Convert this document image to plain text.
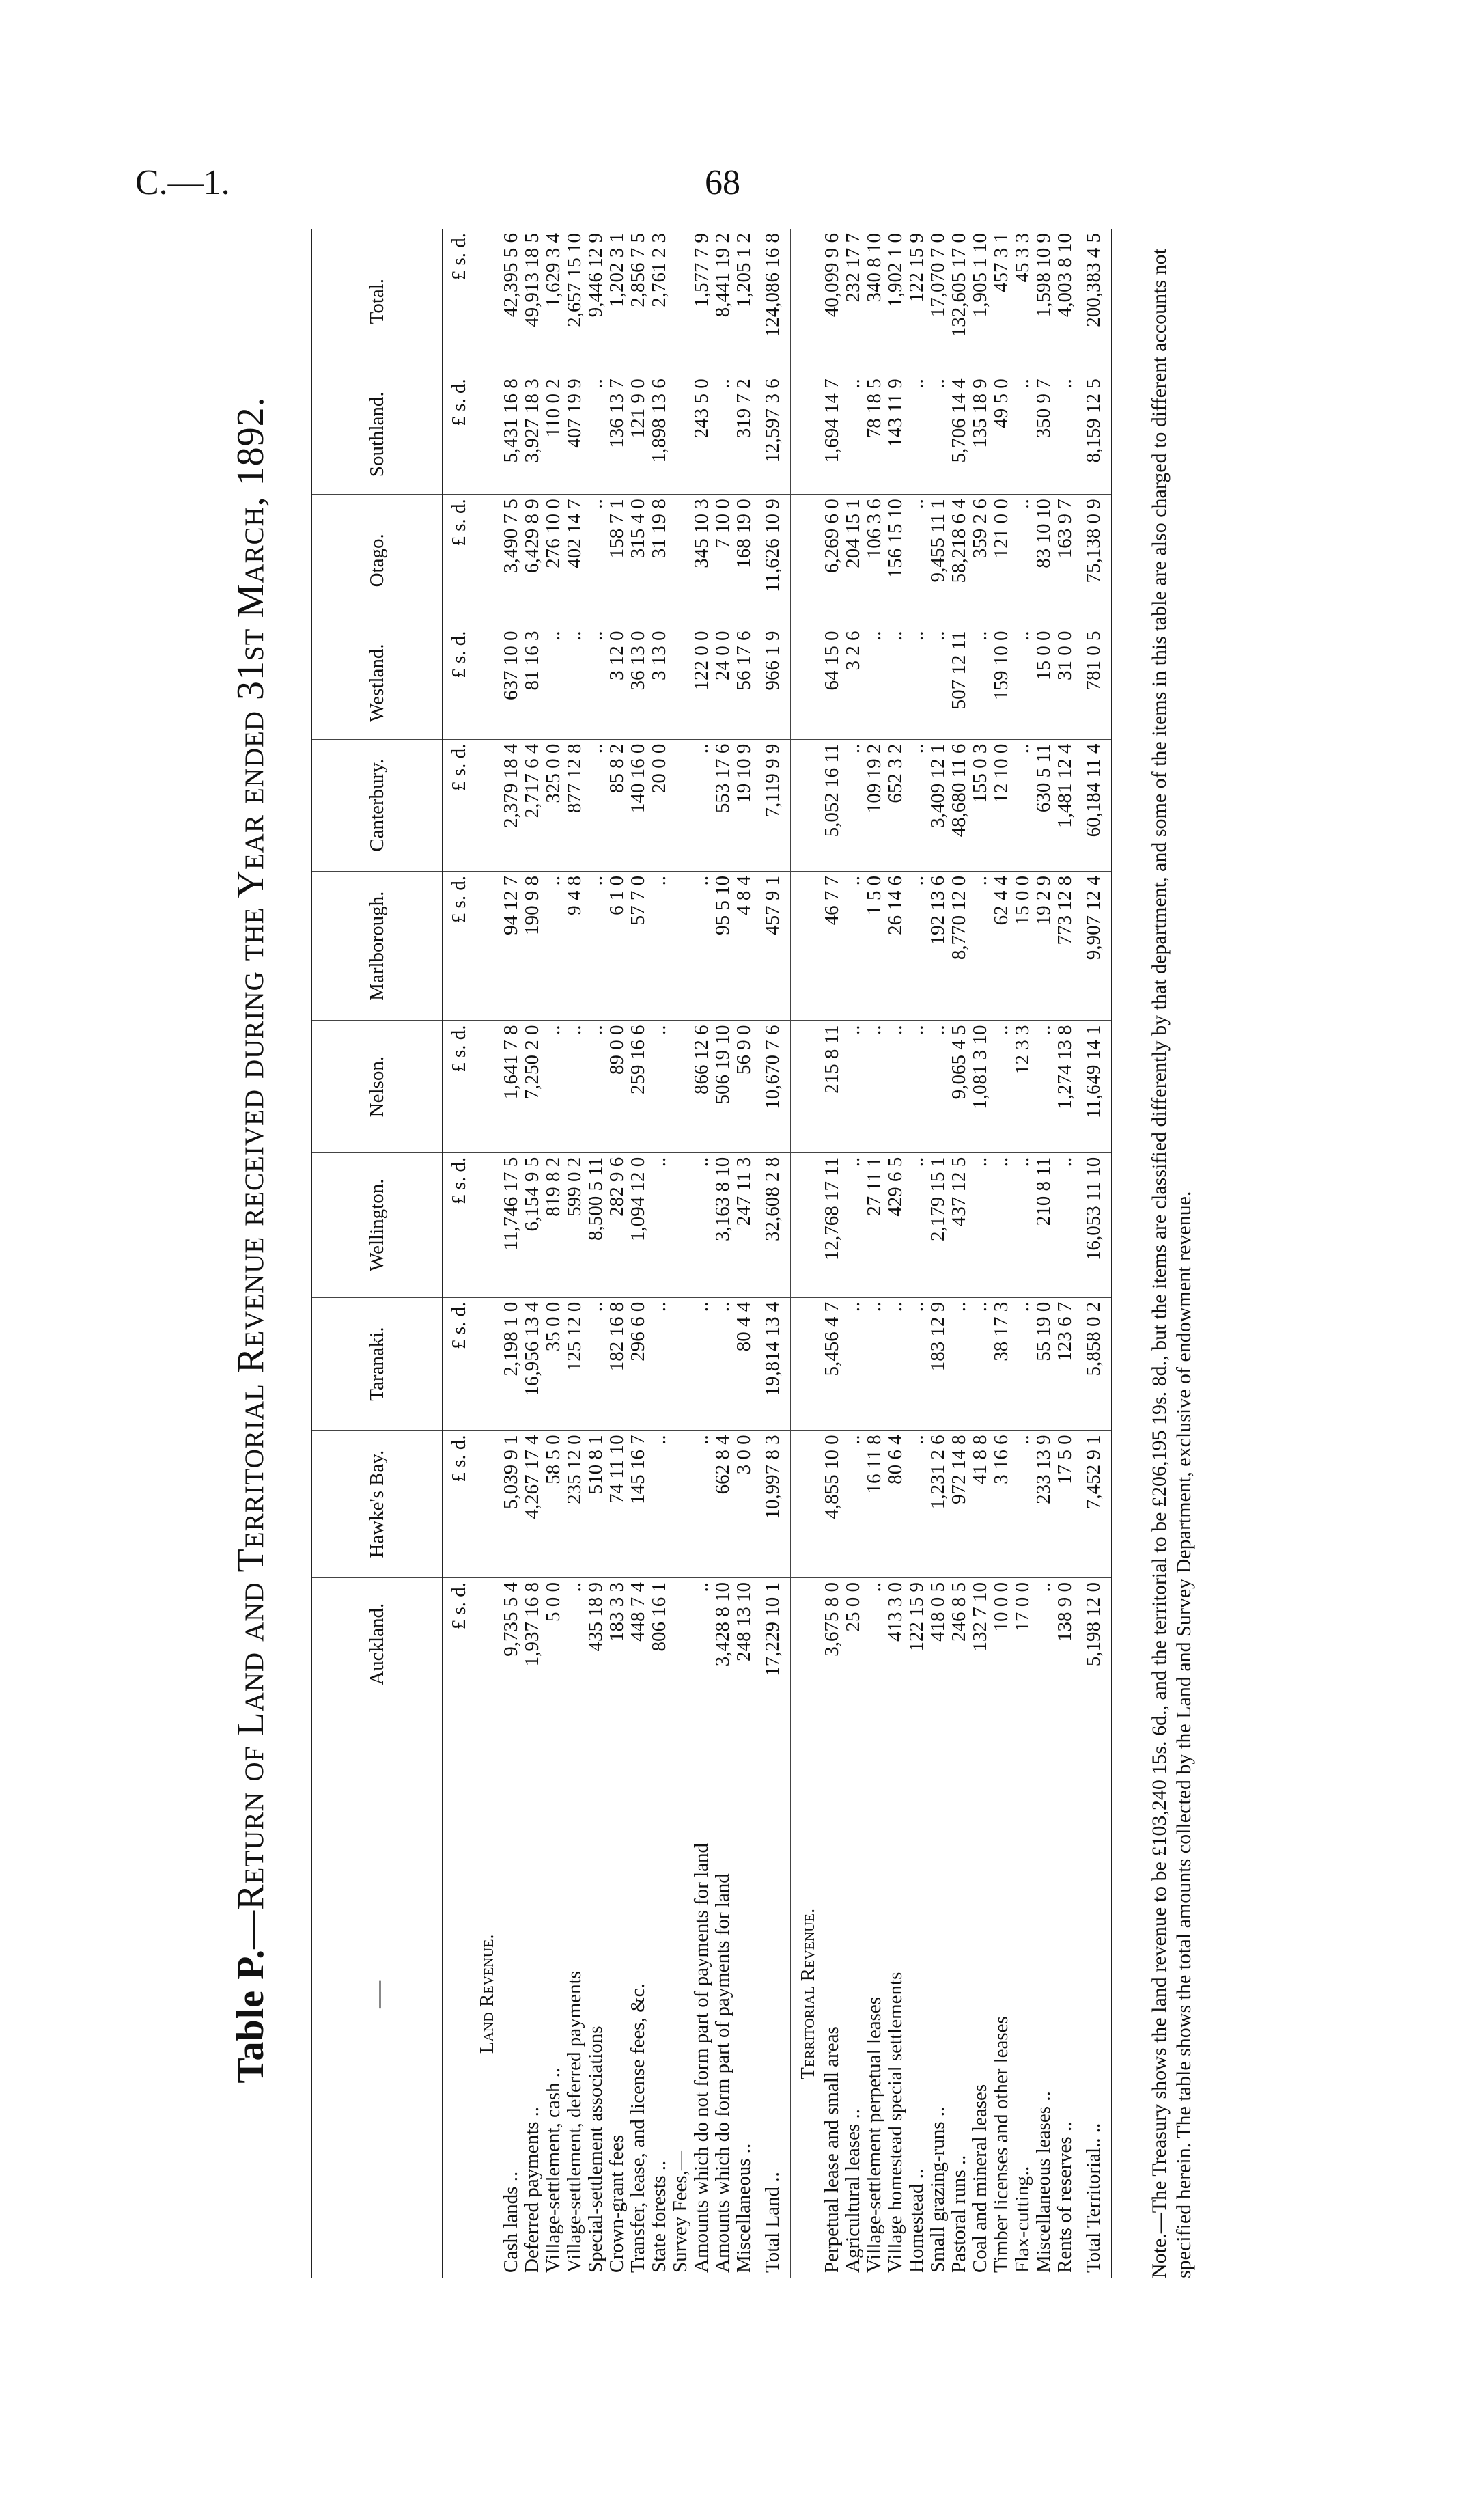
C.—1.	68
Table P.—Return of Land and Territorial Revenue received during the Year ended 31st March, 1892.
—	Auckland.	Hawke's Bay.	Taranaki.	Wellington.	Nelson.	Marlborough.	Canterbury.	Westland.	Otago.	Southland.	Total.
	£ s. d.	£ s. d.	£ s. d.	£ s. d.	£ s. d.	£ s. d.	£ s. d.	£ s. d.	£ s. d.	£ s. d.	£ s. d.
Land Revenue.											
Cash lands ..	9,735 5 4	5,039 9 1	2,198 1 0	11,746 17 5	1,641 7 8	94 12 7	2,379 18 4	637 10 0	3,490 7 5	5,431 16 8	42,395 5 6
Deferred payments ..	1,937 16 8	4,267 17 4	16,956 13 4	6,154 9 5	7,250 2 0	190 9 8	2,717 6 4	81 16 3	6,429 8 9	3,927 18 3	49,913 18 5
Village-settlement, cash ..	5 0 0	58 5 0	35 0 0	819 8 2	..	..	325 0 0	..	276 10 0	110 0 2	1,629 3 4
Village-settlement, deferred payments	..	235 12 0	125 12 0	599 0 2	..	9 4 8	877 12 8	..	402 14 7	407 19 9	2,657 15 10
Special-settlement associations	435 18 9	510 8 1	..	8,500 5 11	..	..	..	..	..	..	9,446 12 9
Crown-grant fees	183 3 3	74 11 10	182 16 8	282 9 6	89 0 0	6 1 0	85 8 2	3 12 0	158 7 1	136 13 7	1,202 3 1
Transfer, lease, and license fees, &c.	448 7 4	145 16 7	296 6 0	1,094 12 0	259 16 6	57 7 0	140 16 0	36 13 0	315 4 0	121 9 0	2,856 7 5
State forests ..	806 16 1	..	..	..	..	..	20 0 0	3 13 0	31 19 8	1,898 13 6	2,761 2 3
Survey Fees,—											
Amounts which do not form part of payments for land	..	..	..	..	866 12 6	..	..	122 0 0	345 10 3	243 5 0	1,577 7 9
Amounts which do form part of payments for land	3,428 8 10	662 8 4	..	3,163 8 10	506 19 10	95 5 10	553 17 6	24 0 0	7 10 0	..	8,441 19 2
Miscellaneous ..	248 13 10	3 0 0	80 4 4	247 11 3	56 9 0	4 8 4	19 10 9	56 17 6	168 19 0	319 7 2	1,205 1 2
Total Land ..	17,229 10 1	10,997 8 3	19,814 13 4	32,608 2 8	10,670 7 6	457 9 1	7,119 9 9	966 1 9	11,626 10 9	12,597 3 6	124,086 16 8
Territorial Revenue.											
Perpetual lease and small areas	3,675 8 0	4,855 10 0	5,456 4 7	12,768 17 11	215 8 11	46 7 7	5,052 16 11	64 15 0	6,269 6 0	1,694 14 7	40,099 9 6
Agricultural leases ..	25 0 0	..	..	..	..	..	..	3 2 6	204 15 1	..	232 17 7
Village-settlement perpetual leases	..	16 11 8	..	27 11 1	..	1 5 0	109 19 2	..	106 3 6	78 18 5	340 8 10
Village homestead special settlements	413 3 0	80 6 4	..	429 6 5	..	26 14 6	652 3 2	..	156 15 10	143 11 9	1,902 1 0
Homestead ..	122 15 9	..	..	..	..	..	..	..	..	..	122 15 9
Small grazing-runs ..	418 0 5	1,231 2 6	183 12 9	2,179 15 1	..	192 13 6	3,409 12 1	..	9,455 11 1	..	17,070 7 0
Pastoral runs ..	246 8 5	972 14 8	..	437 12 5	9,065 4 5	8,770 12 0	48,680 11 6	507 12 11	58,218 6 4	5,706 14 4	132,605 17 0
Coal and mineral leases	132 7 10	41 8 8	..	..	1,081 3 10	..	155 0 3	..	359 2 6	135 18 9	1,905 1 10
Timber licenses and other leases	10 0 0	3 16 6	38 17 3	..	..	62 4 4	12 10 0	159 10 0	121 0 0	49 5 0	457 3 1
Flax-cutting..	17 0 0	..	..	..	12 3 3	15 0 0	..	..	..	..	45 3 3
Miscellaneous leases ..	..	233 13 9	55 19 0	210 8 11	..	19 2 9	630 5 11	15 0 0	83 10 10	350 9 7	1,598 10 9
Rents of reserves ..	138 9 0	17 5 0	123 6 7	..	1,274 13 8	773 12 8	1,481 12 4	31 0 0	163 9 7	..	4,003 8 10
Total Territorial.. ..	5,198 12 0	7,452 9 1	5,858 0 2	16,053 11 10	11,649 14 1	9,907 12 4	60,184 11 4	781 0 5	75,138 0 9	8,159 12 5	200,383 4 5 Note.—The Treasury shows the land revenue to be £103,240 15s. 6d., and the territorial to be £206,195 19s. 8d., but the items are classified differently by that department, and some of the items in this table are also charged to different accounts not specified herein. The table shows the total amounts collected by the Land and Survey Department, exclusive of endowment revenue.
